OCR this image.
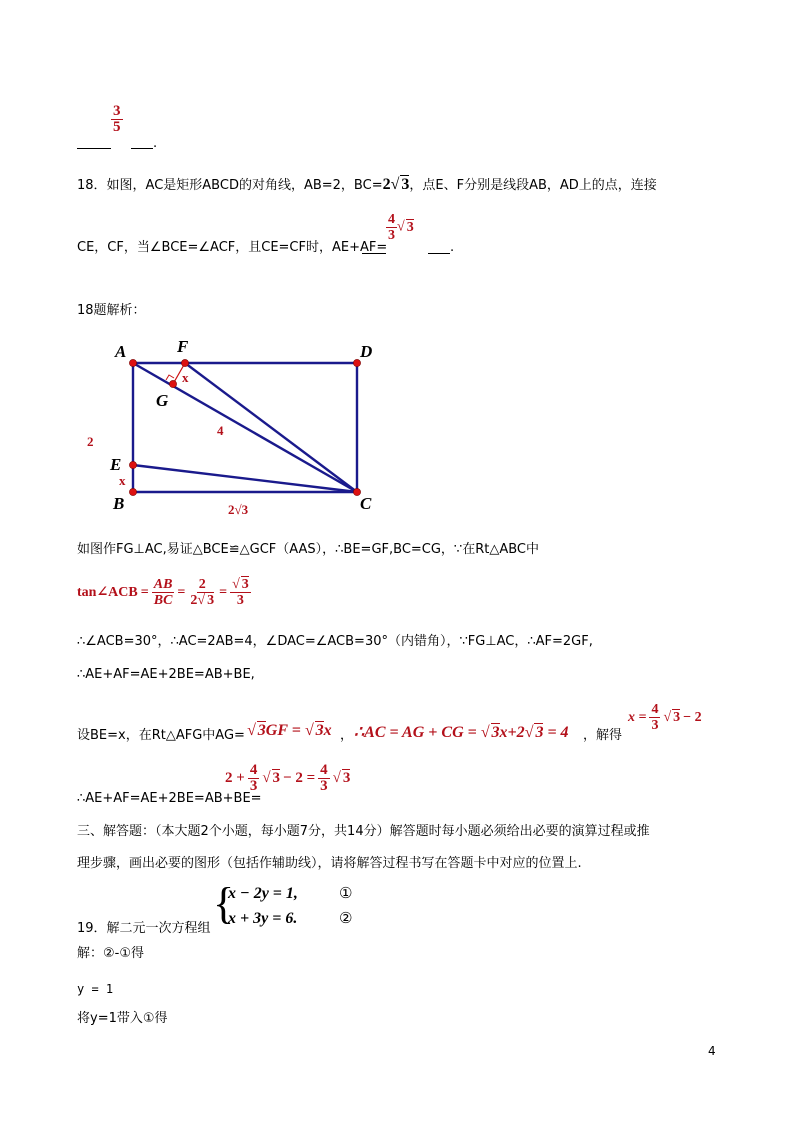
$\frac{3}{5}$
.
18．如图，AC是矩形ABCD的对角线，AB=2，BC=2√ 3，点E、F分别是线段AB，AD上的点，连接
CE，CF，当∠BCE=∠ACF，且CE=CF时，AE+AF=
$\frac{4}{3}$ √ 3
.
18题解析：
A	F	D
G
E
B	C
2
x
4
x
2√3
如图作FG⊥AC,易证△BCE≌△GCF（AAS），∴BE=GF,BC=CG，∵在Rt△ABC中
tan∠ACB = $\frac{AB}{BC} = \frac{2}{2√ 3} = \frac{√ 3}{3}$
∴∠ACB=30°，∴AC=2AB=4，∠DAC=∠ACB=30°（内错角），∵FG⊥AC，∴AF=2GF,
∴AE+AF=AE+2BE=AB+BE,
设BE=x，在Rt△AFG中AG= √ 3GF = √ 3x ， ∴AC = AG + CG = √ 3x+2√ 3 = 4 ，解得
$x = \frac{4}{3}$ √ 3 − 2
∴AE+AF=AE+2BE=AB+BE=
$2 + \frac{4}{3}$ √ $3 - 2 = \frac{4}{3}$ √ 3
三、解答题：（本大题2个小题，每小题7分，共14分）解答题时每小题必须给出必要的演算过程或推
理步骤，画出必要的图形（包括作辅助线），请将解答过程书写在答题卡中对应的位置上.
19．解二元一次方程组
{
x − 2y = 1,
x + 3y = 6.
①
②
解：②-①得
y = 1
将y=1带入①得
4
